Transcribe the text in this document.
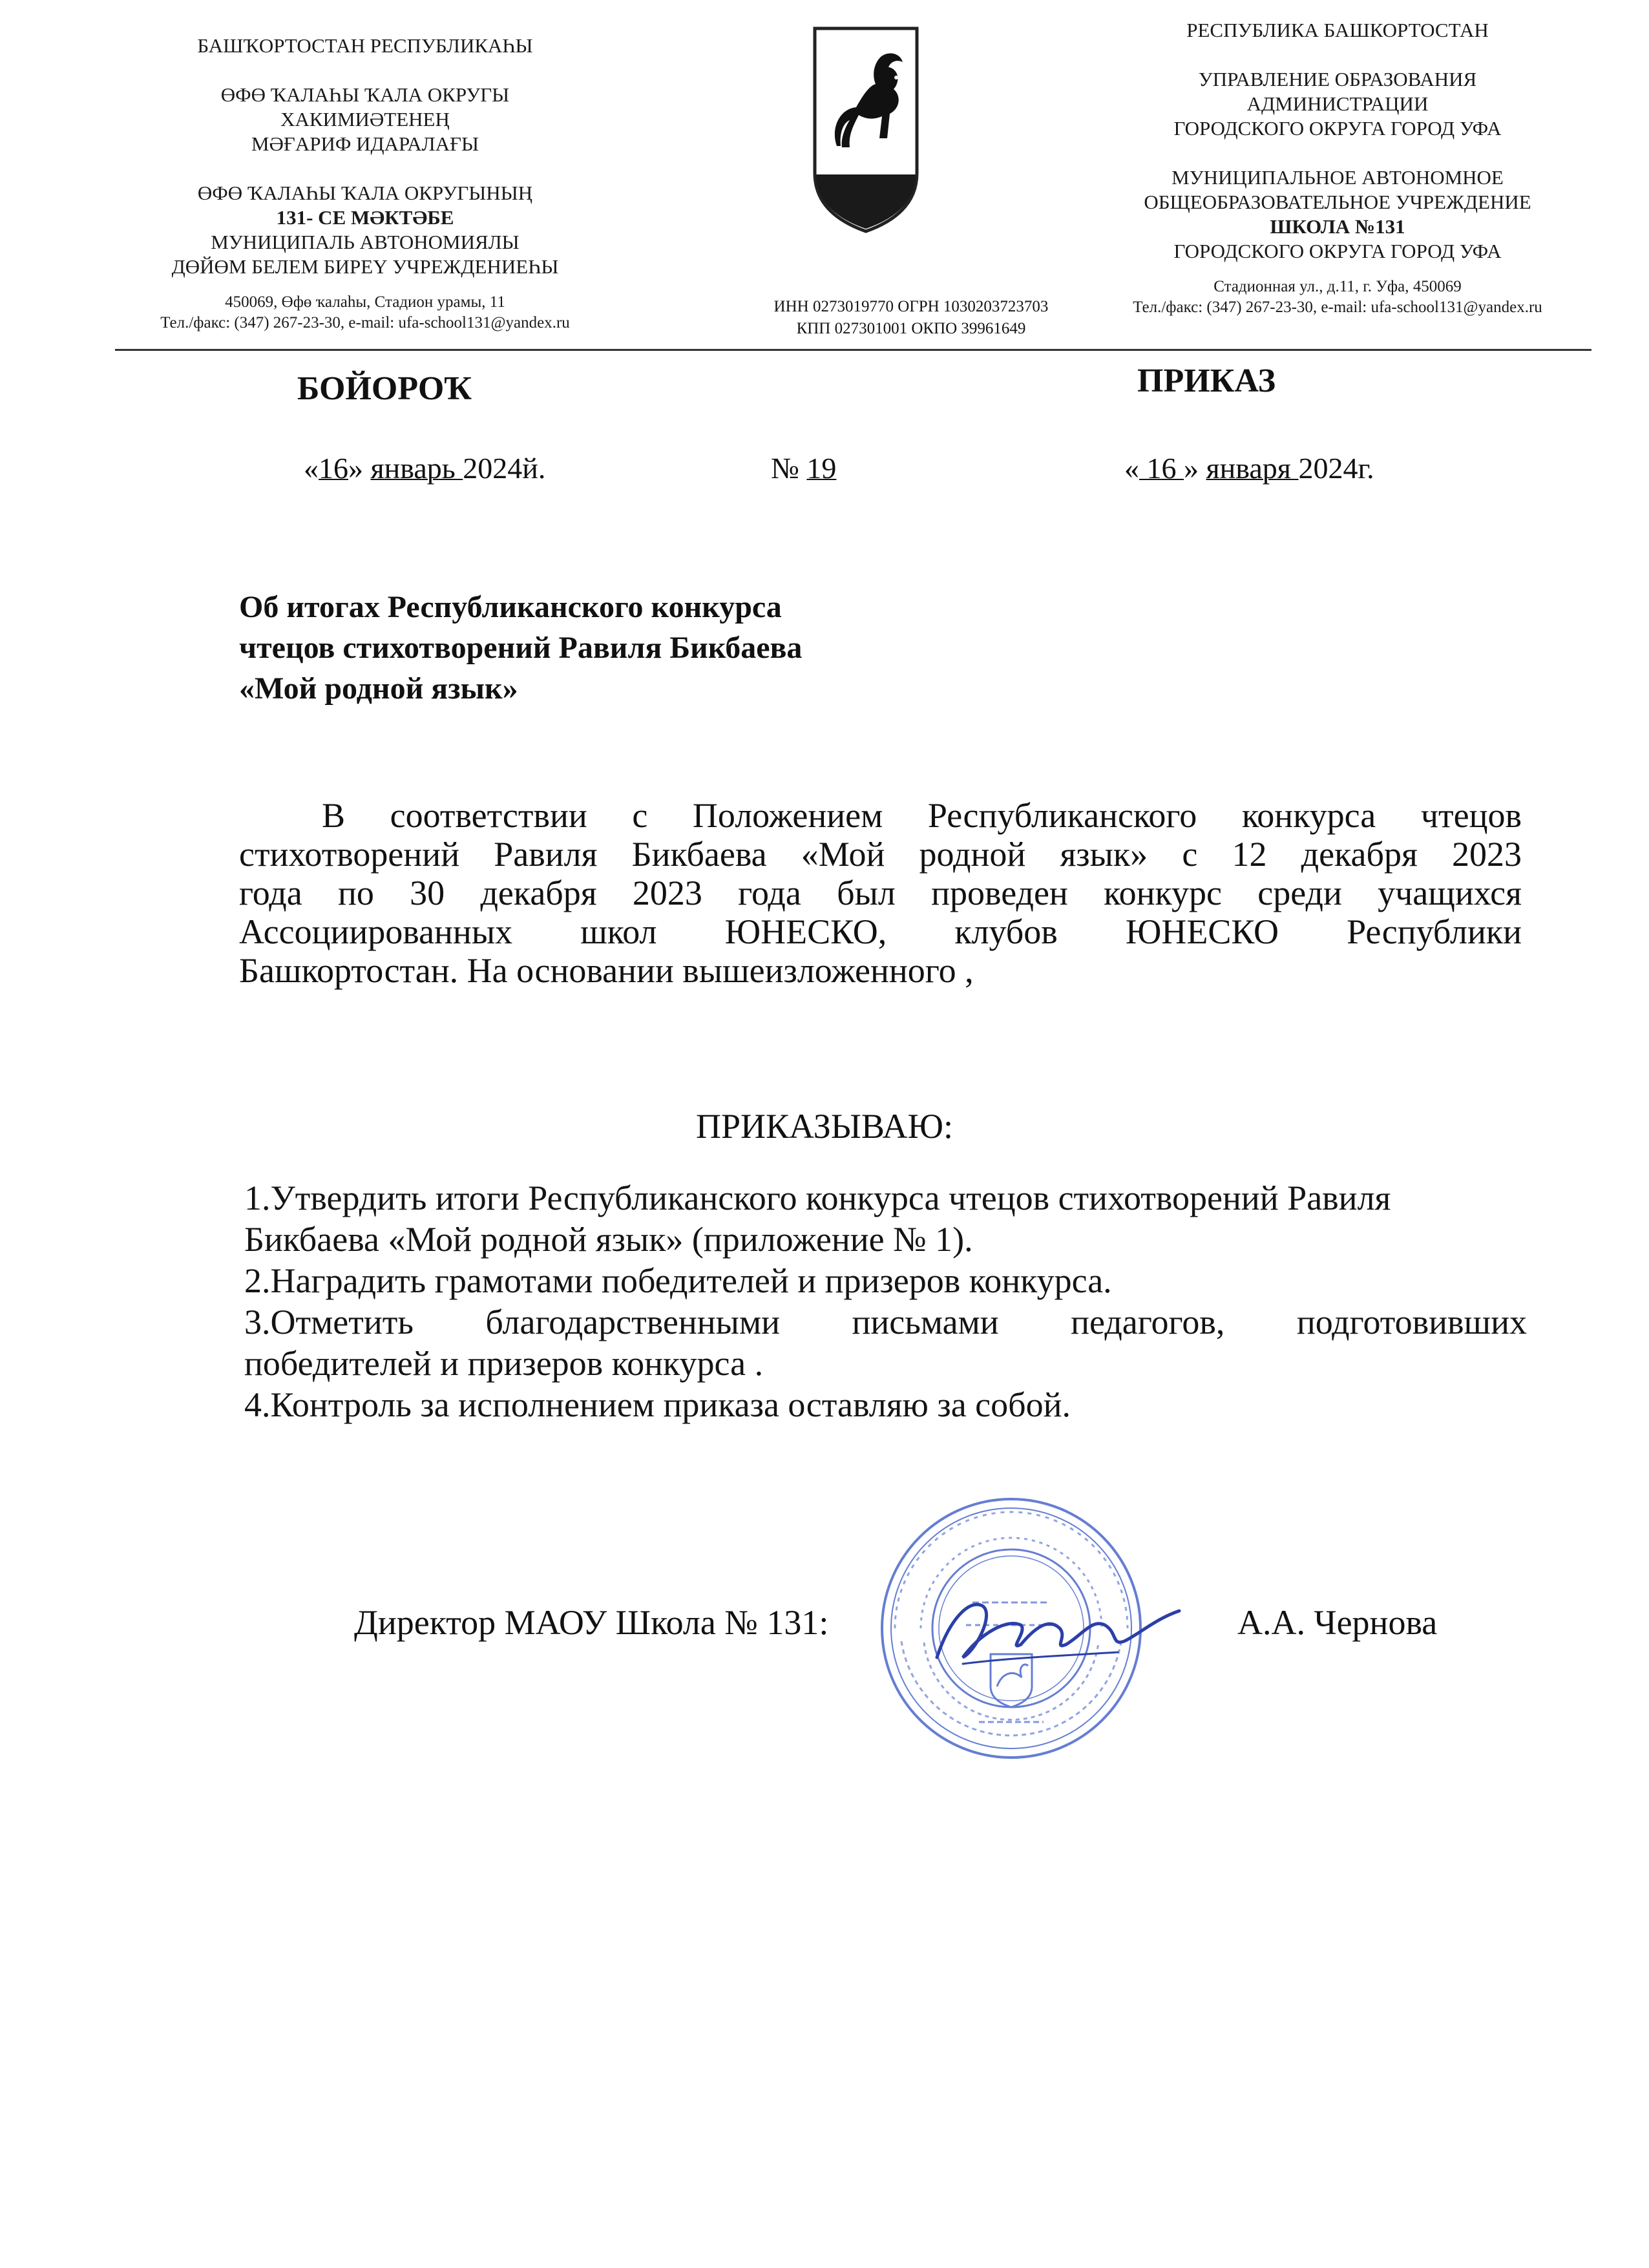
БАШҠОРТОСТАН РЕСПУБЛИКАҺЫ
ӨФӨ ҠАЛАҺЫ ҠАЛА ОКРУГЫ
ХАКИМИӘТЕНЕҢ
МӘҒАРИФ ИДАРАЛАҒЫ
ӨФӨ ҠАЛАҺЫ ҠАЛА ОКРУГЫНЫҢ
131- СЕ МӘКТӘБЕ
МУНИЦИПАЛЬ АВТОНОМИЯЛЫ
ДӨЙӨМ БЕЛЕМ БИРЕҮ УЧРЕЖДЕНИЕҺЫ
450069, Өфө ҡалаһы, Стадион урамы, 11
Тел./факс: (347) 267-23-30, e-mail: ufa-school131@yandex.ru
ИНН 0273019770 ОГРН 1030203723703
КПП 027301001 ОКПО 39961649
РЕСПУБЛИКА БАШКОРТОСТАН
УПРАВЛЕНИЕ ОБРАЗОВАНИЯ
АДМИНИСТРАЦИИ
ГОРОДСКОГО ОКРУГА ГОРОД УФА
МУНИЦИПАЛЬНОЕ АВТОНОМНОЕ
ОБЩЕОБРАЗОВАТЕЛЬНОЕ УЧРЕЖДЕНИЕ
ШКОЛА №131
ГОРОДСКОГО ОКРУГА ГОРОД УФА
Стадионная ул., д.11, г. Уфа, 450069
Тел./факс: (347) 267-23-30, e-mail: ufa-school131@yandex.ru
БОЙОРОҠ	ПРИКАЗ
«16» январь 2024й.	№ 19	« 16 » января 2024г.
Об итогах Республиканского конкурса
чтецов стихотворений Равиля Бикбаева
«Мой родной язык»
В соответствии с Положением Республиканского конкурса чтецов
стихотворений Равиля Бикбаева «Мой родной язык» с 12 декабря 2023
года по 30 декабря 2023 года был проведен конкурс среди учащихся
Ассоциированных школ ЮНЕСКО, клубов ЮНЕСКО Республики
Башкортостан. На основании вышеизложенного ,
ПРИКАЗЫВАЮ:
1.Утвердить итоги Республиканского конкурса чтецов стихотворений Равиля
Бикбаева «Мой родной язык» (приложение № 1).
2.Наградить грамотами победителей и призеров конкурса.
3.Отметить благодарственными письмами педагогов, подготовивших
победителей и призеров конкурса .
4.Контроль за исполнением приказа оставляю за собой.
Директор МАОУ Школа № 131:	А.А. Чернова
